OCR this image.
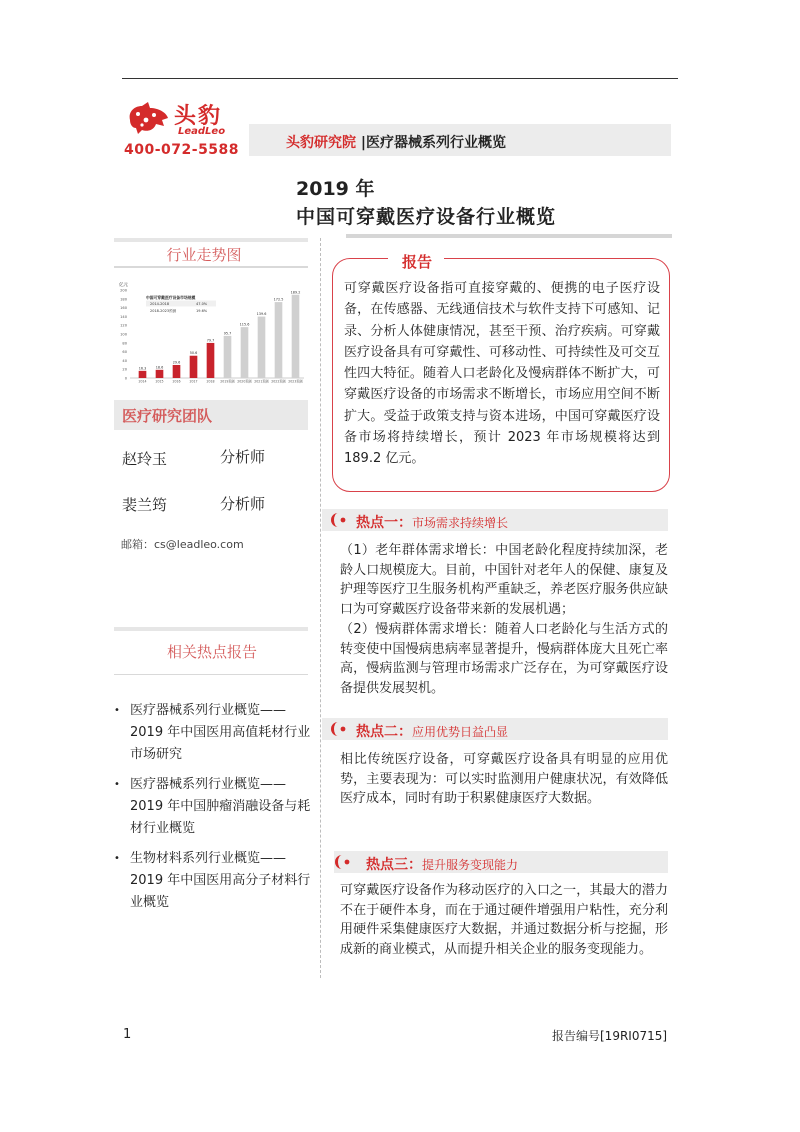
头豹
LeadLeo
400-072-5588	头豹研究院 |医疗器械系列行业概览
2019 年
中国可穿戴医疗设备行业概览
行业走势图
亿元
中国可穿戴医疗设备市场规模
2014-2018	47.0%
2018-2023预测	19.6%
0
20
40
60
80
100
120
140
160
180
200
16.3
2014
18.6
2015
29.6
2016
50.6
2017
79.7
2018
95.7
2019预测
115.6
2020预测
139.6
2021预测
172.5
2022预测
189.2
2023预测
医疗研究团队
赵玲玉	分析师
裴兰筠	分析师
邮箱：cs@leadleo.com
相关热点报告
• 医疗器械系列行业概览——2019 年中国医用高值耗材行业市场研究
• 医疗器械系列行业概览——2019 年中国肿瘤消融设备与耗材行业概览
• 生物材料系列行业概览——2019 年中国医用高分子材料行业概览
报告
可穿戴医疗设备指可直接穿戴的、便携的电子医疗设备，在传感器、无线通信技术与软件支持下可感知、记录、分析人体健康情况，甚至干预、治疗疾病。可穿戴医疗设备具有可穿戴性、可移动性、可持续性及可交互性四大特征。随着人口老龄化及慢病群体不断扩大，可穿戴医疗设备的市场需求不断增长，市场应用空间不断扩大。受益于政策支持与资本进场，中国可穿戴医疗设备市场将持续增长，预计 2023 年市场规模将达到 189.2 亿元。
热点一：市场需求持续增长
（1）老年群体需求增长：中国老龄化程度持续加深，老龄人口规模庞大。目前，中国针对老年人的保健、康复及护理等医疗卫生服务机构严重缺乏，养老医疗服务供应缺口为可穿戴医疗设备带来新的发展机遇；
（2）慢病群体需求增长：随着人口老龄化与生活方式的转变使中国慢病患病率显著提升，慢病群体庞大且死亡率高，慢病监测与管理市场需求广泛存在，为可穿戴医疗设备提供发展契机。
热点二：应用优势日益凸显
相比传统医疗设备，可穿戴医疗设备具有明显的应用优势，主要表现为：可以实时监测用户健康状况，有效降低医疗成本，同时有助于积累健康医疗大数据。
热点三：提升服务变现能力
可穿戴医疗设备作为移动医疗的入口之一，其最大的潜力不在于硬件本身，而在于通过硬件增强用户粘性，充分利用硬件采集健康医疗大数据，并通过数据分析与挖掘，形成新的商业模式，从而提升相关企业的服务变现能力。
1	报告编号[19RI0715]
